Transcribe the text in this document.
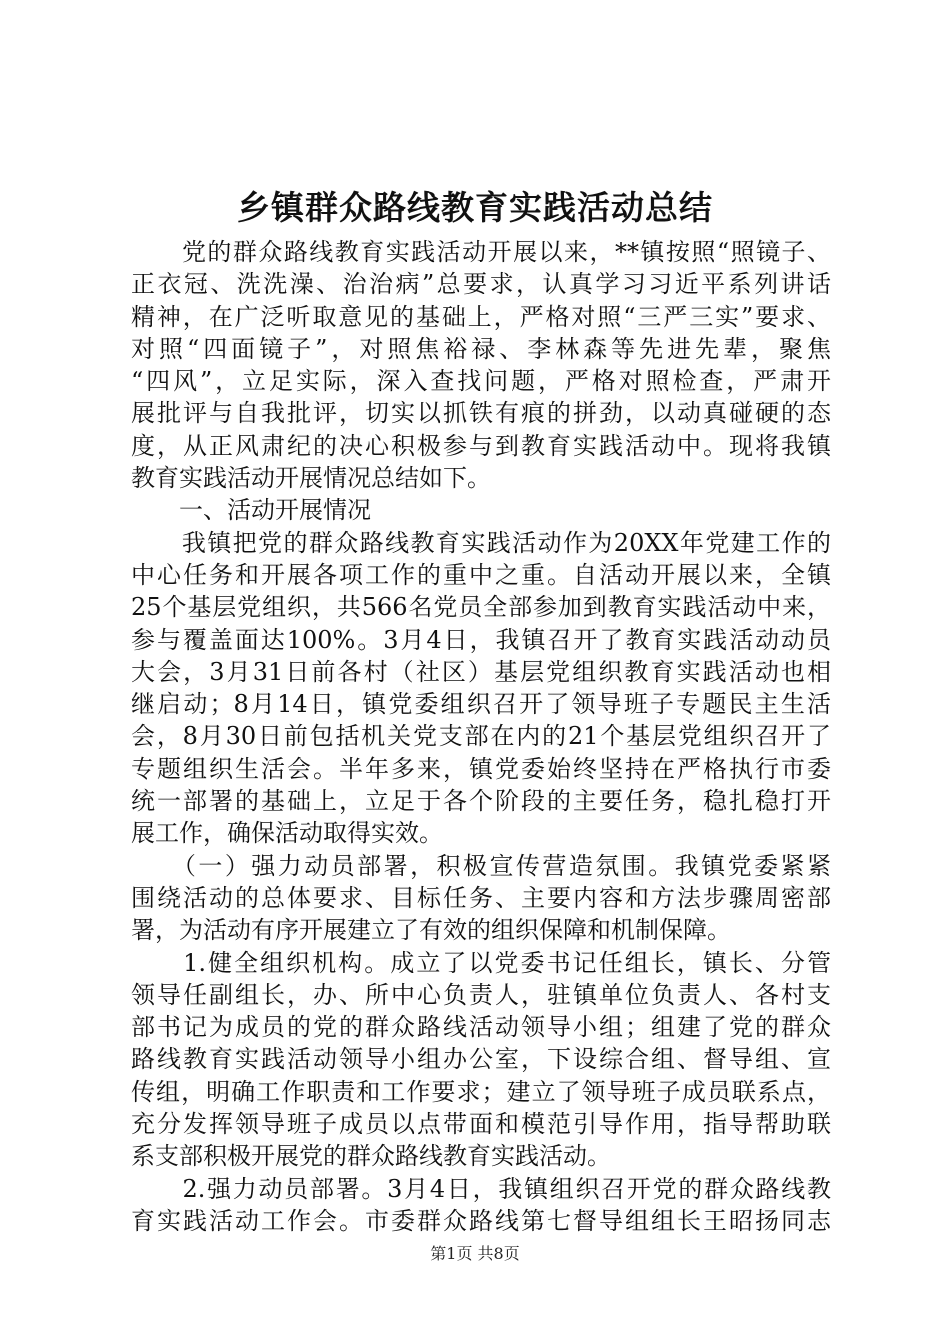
乡镇群众路线教育实践活动总结
　　党的群众路线教育实践活动开展以来，**镇按照“照镜子、
正衣冠、洗洗澡、治治病”总要求，认真学习习近平系列讲话
精神，在广泛听取意见的基础上，严格对照“三严三实”要求、
对照“四面镜子”，对照焦裕禄、李林森等先进先辈，聚焦
“四风”，立足实际，深入查找问题，严格对照检查，严肃开
展批评与自我批评，切实以抓铁有痕的拼劲，以动真碰硬的态
度，从正风肃纪的决心积极参与到教育实践活动中。现将我镇
教育实践活动开展情况总结如下。
　　一、活动开展情况
　　我镇把党的群众路线教育实践活动作为20XX年党建工作的
中心任务和开展各项工作的重中之重。自活动开展以来，全镇
25个基层党组织，共566名党员全部参加到教育实践活动中来，
参与覆盖面达100%。3月4日，我镇召开了教育实践活动动员
大会，3月31日前各村（社区）基层党组织教育实践活动也相
继启动；8月14日，镇党委组织召开了领导班子专题民主生活
会，8月30日前包括机关党支部在内的21个基层党组织召开了
专题组织生活会。半年多来，镇党委始终坚持在严格执行市委
统一部署的基础上，立足于各个阶段的主要任务，稳扎稳打开
展工作，确保活动取得实效。
　　（一）强力动员部署，积极宣传营造氛围。我镇党委紧紧
围绕活动的总体要求、目标任务、主要内容和方法步骤周密部
署，为活动有序开展建立了有效的组织保障和机制保障。
　　1.健全组织机构。成立了以党委书记任组长，镇长、分管
领导任副组长，办、所中心负责人，驻镇单位负责人、各村支
部书记为成员的党的群众路线活动领导小组；组建了党的群众
路线教育实践活动领导小组办公室，下设综合组、督导组、宣
传组，明确工作职责和工作要求；建立了领导班子成员联系点，
充分发挥领导班子成员以点带面和模范引导作用，指导帮助联
系支部积极开展党的群众路线教育实践活动。
　　2.强力动员部署。3月4日，我镇组织召开党的群众路线教
育实践活动工作会。市委群众路线第七督导组组长王昭扬同志
第1页 共8页
